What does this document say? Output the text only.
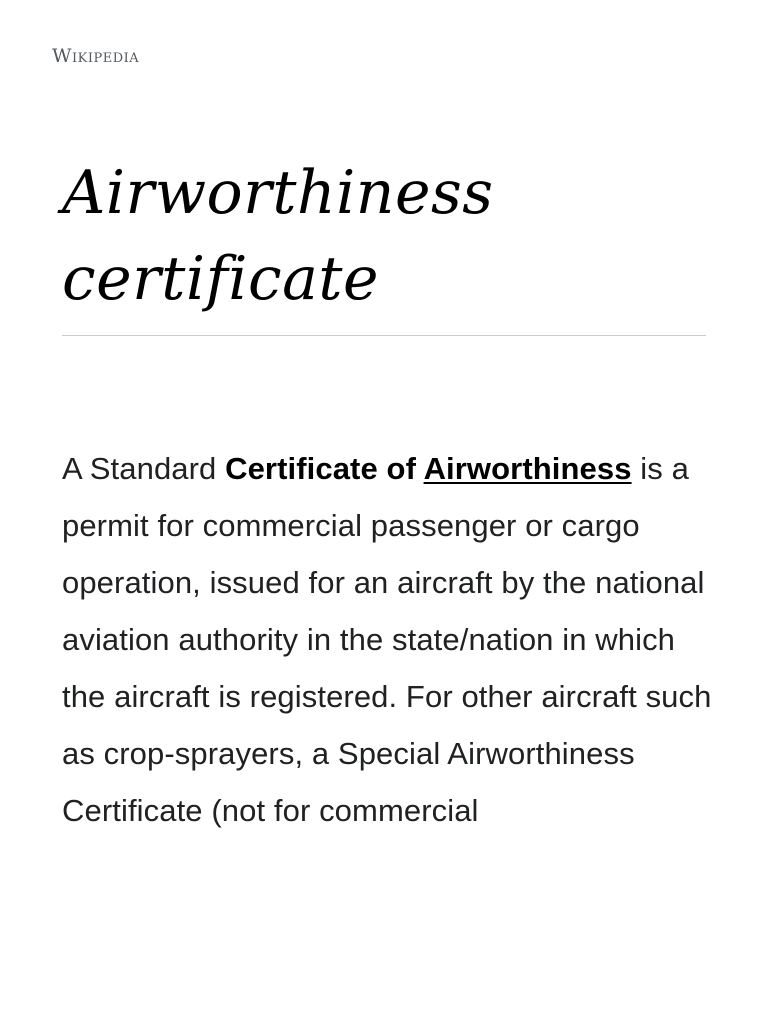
Wikipedia
Airworthiness
certificate
A Standard Certificate of Airworthiness is a permit for commercial passenger or cargo operation, issued for an aircraft by the national aviation authority in the state/nation in which the aircraft is registered. For other aircraft such as crop-sprayers, a Special Airworthiness Certificate (not for commercial
